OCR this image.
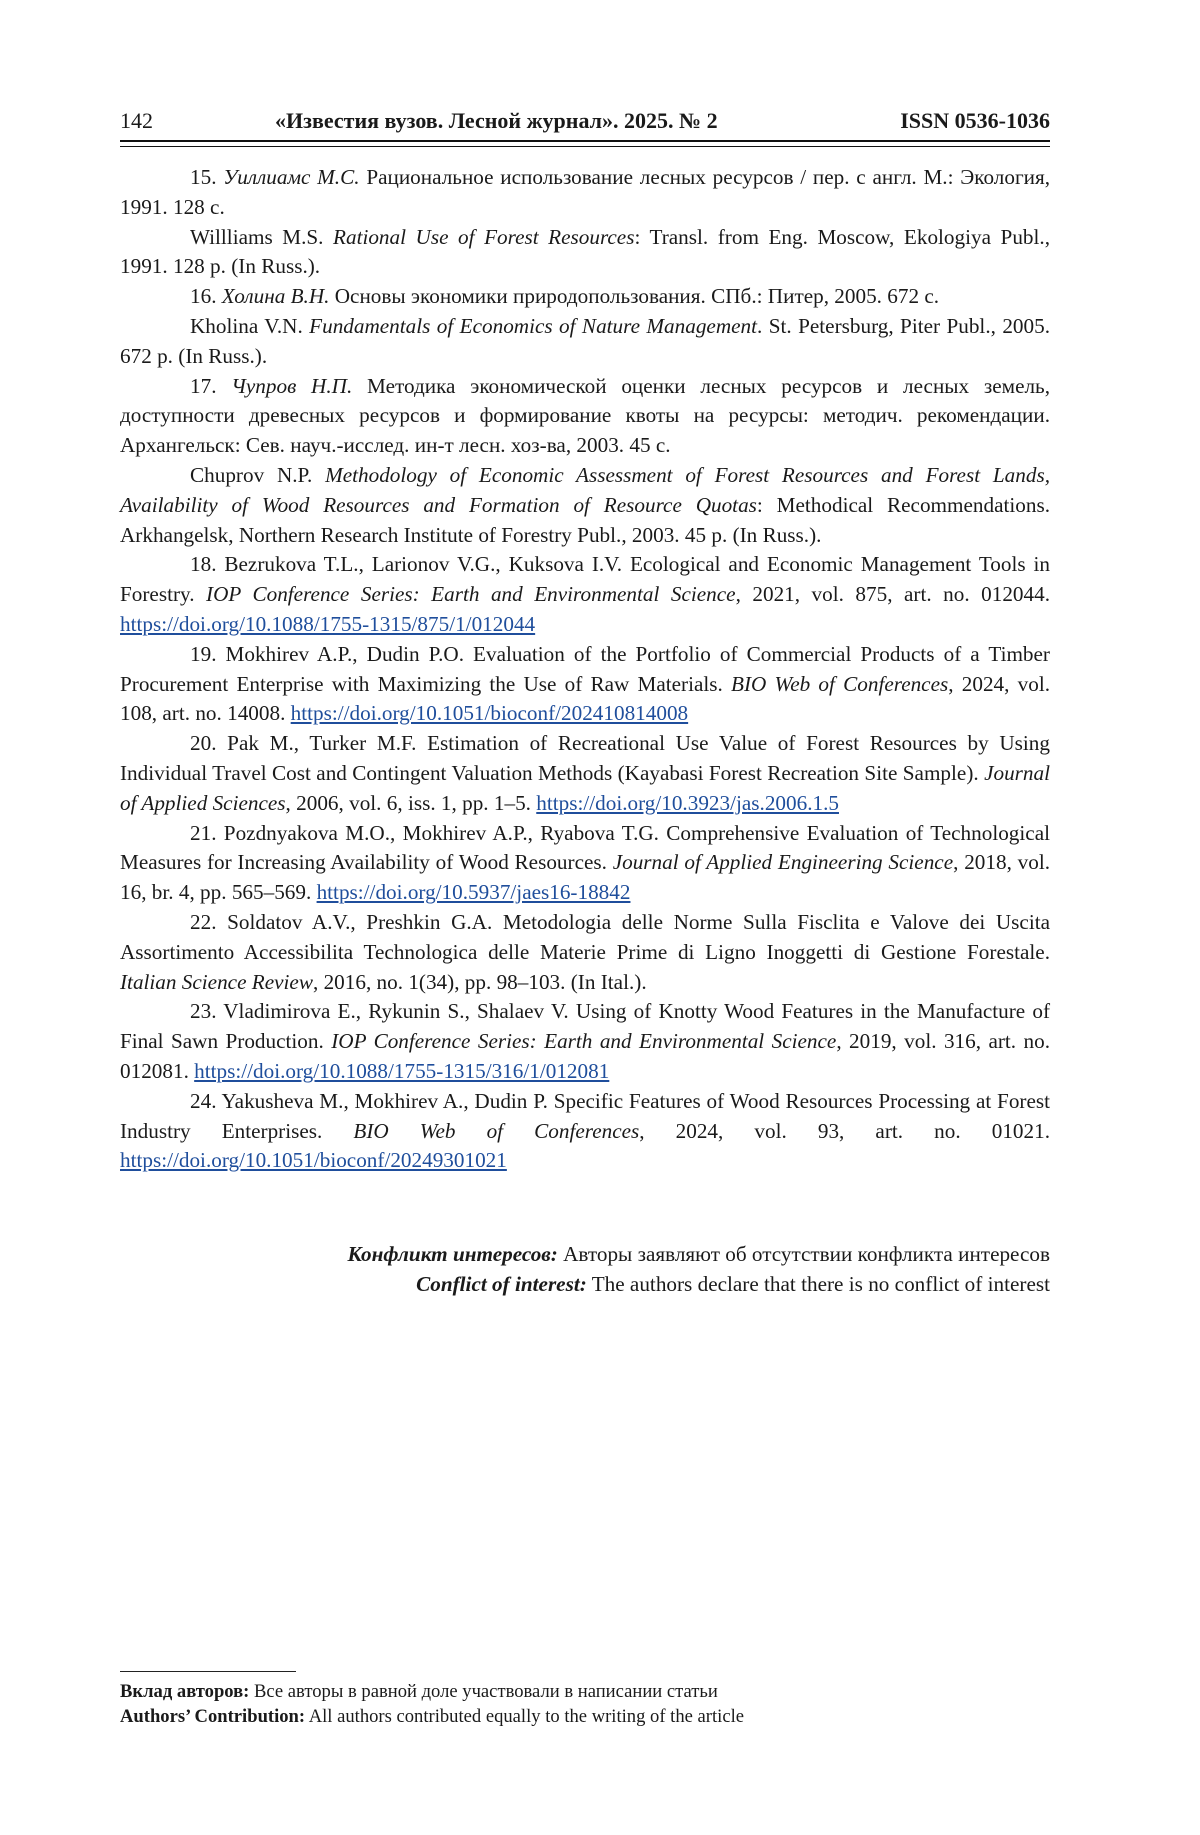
142	«Известия вузов. Лесной журнал». 2025. № 2	ISSN 0536-1036

15. Уиллиамс М.С. Рациональное использование лесных ресурсов / пер. с англ. М.: Экология, 1991. 128 с.

Willliams M.S. Rational Use of Forest Resources: Transl. from Eng. Moscow, Ekologi­ya Publ., 1991. 128 p. (In Russ.).

16. Холина В.Н. Основы экономики природопользования. СПб.: Питер, 2005. 672 с.

Kholina V.N. Fundamentals of Economics of Nature Management. St. Petersburg, Pi­ter Publ., 2005. 672 p. (In Russ.).

17. Чупров Н.П. Методика экономической оценки лесных ресурсов и лесных зе­мель, доступности древесных ресурсов и формирование квоты на ресурсы: методич. рекомендации. Архангельск: Сев. науч.-исслед. ин-т лесн. хоз-ва, 2003. 45 с.

Chuprov N.P. Methodology of Economic Assessment of Forest Resources and Forest Lands, Availability of Wood Resources and Formation of Resource Quotas: Methodical Recom­mendations. Arkhangelsk, Northern Research Institute of Forestry Publ., 2003. 45 p. (In Russ.).

18. Bezrukova T.L., Larionov V.G., Kuksova I.V. Ecological and Economic Manage­ment Tools in Forestry. IOP Conference Series: Earth and Environmental Science, 2021, vol. 875, art. no. 012044. https://doi.org/10.1088/1755-1315/875/1/012044

19. Mokhirev A.P., Dudin P.O. Evaluation of the Portfolio of Commercial Products of a Timber Procurement Enterprise with Maximizing the Use of Raw Materials. BIO Web of Conferences, 2024, vol. 108, art. no. 14008. https://doi.org/10.1051/bioconf/202410814008

20. Pak M., Turker M.F. Estimation of Recreational Use Value of Forest Resources by Using Individual Travel Cost and Contingent Valuation Methods (Kayabasi Forest Recreation Site Sample). Journal of Applied Sciences, 2006, vol. 6, iss. 1, pp. 1–5. https://doi.org/10.3923/jas.2006.1.5

21. Pozdnyakova M.O., Mokhirev A.P., Ryabova T.G. Comprehensive Evaluation of Technological Measures for Increasing Availability of Wood Resources. Journal of Applied Engineering Science, 2018, vol. 16, br. 4, pp. 565–569. https://doi.org/10.5937/jaes16-18842

22. Soldatov A.V., Preshkin G.A. Metodologia delle Norme Sulla Fisclita e Valove dei Uscita Assortimento Accessibilita Technologica delle Materie Prime di Ligno Inoggetti di Gestione Forestale. Italian Science Review, 2016, no. 1(34), pp. 98–103. (In Ital.).

23. Vladimirova E., Rykunin S., Shalaev V. Using of Knotty Wood Features in the Manufacture of Final Sawn Production. IOP Conference Series: Earth and Environmental Science, 2019, vol. 316, art. no. 012081. https://doi.org/10.1088/1755-1315/316/1/012081

24. Yakusheva M., Mokhirev A., Dudin P. Specific Features of Wood Resources Pro­cessing at Forest Industry Enterprises. BIO Web of Conferences, 2024, vol. 93, art. no. 01021. https://doi.org/10.1051/bioconf/20249301021

Конфликт интересов: Авторы заявляют об отсутствии конфликта интересов

Conflict of interest: The authors declare that there is no conflict of interest

Вклад авторов: Все авторы в равной доле участвовали в написании статьи

Authors’ Contribution: All authors contributed equally to the writing of the article
